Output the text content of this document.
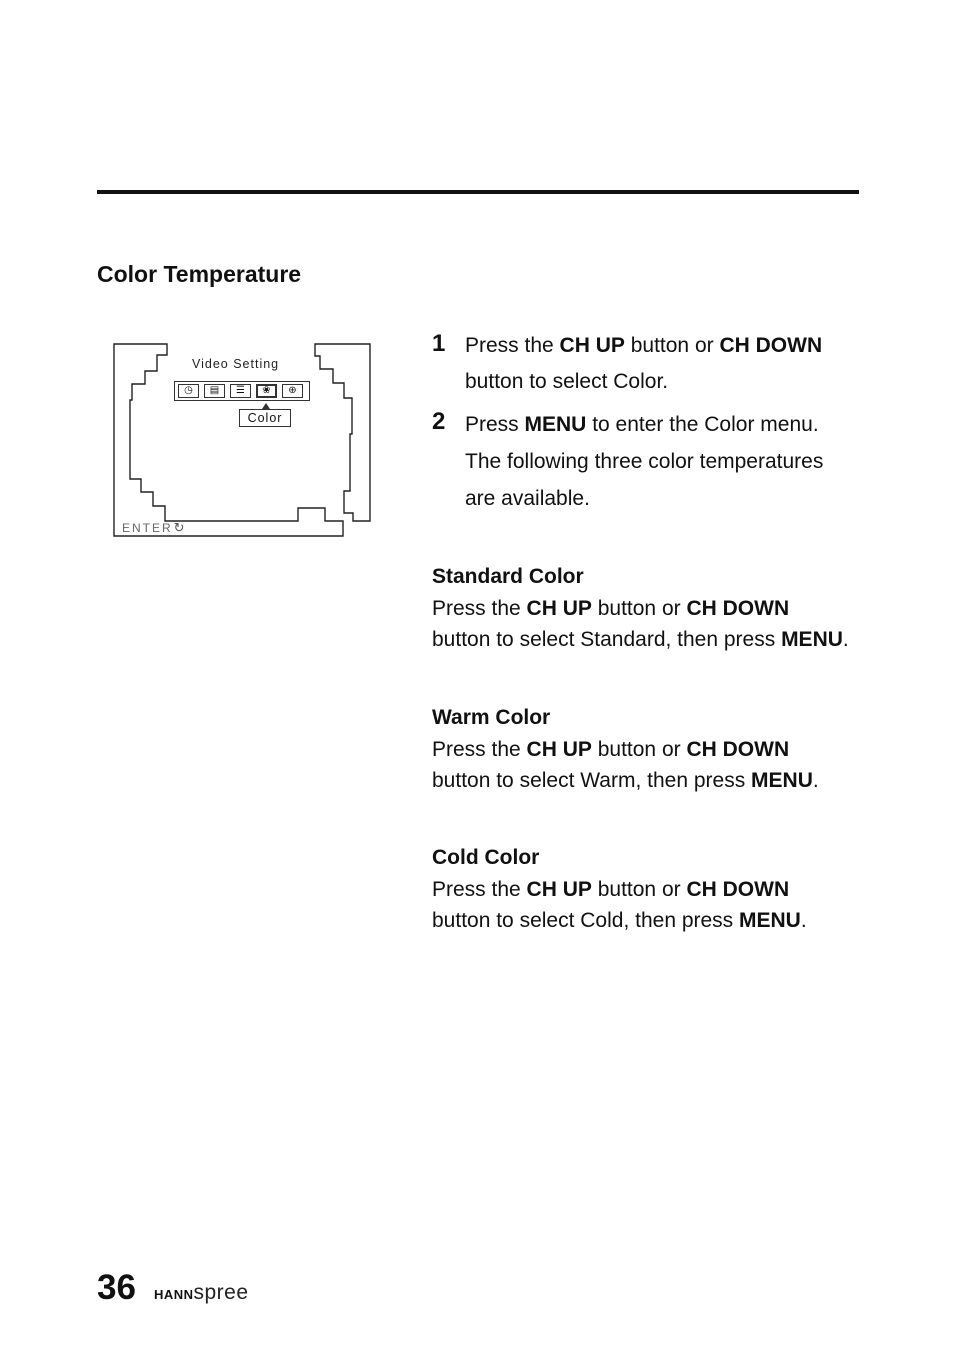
Color Temperature
Video Setting
◷	▤	☰	❀	⊕
Color
ENTER ↻
1 Press the CH UP button or CH DOWN button to select Color.
2 Press MENU to enter the Color menu. The following three color temperatures are available.

Standard Color

Press the CH UP button or CH DOWN button to select Standard, then press MENU.

Warm Color

Press the CH UP button or CH DOWN button to select Warm, then press MENU.

Cold Color

Press the CH UP button or CH DOWN button to select Cold, then press MENU.

36 HANNspree
